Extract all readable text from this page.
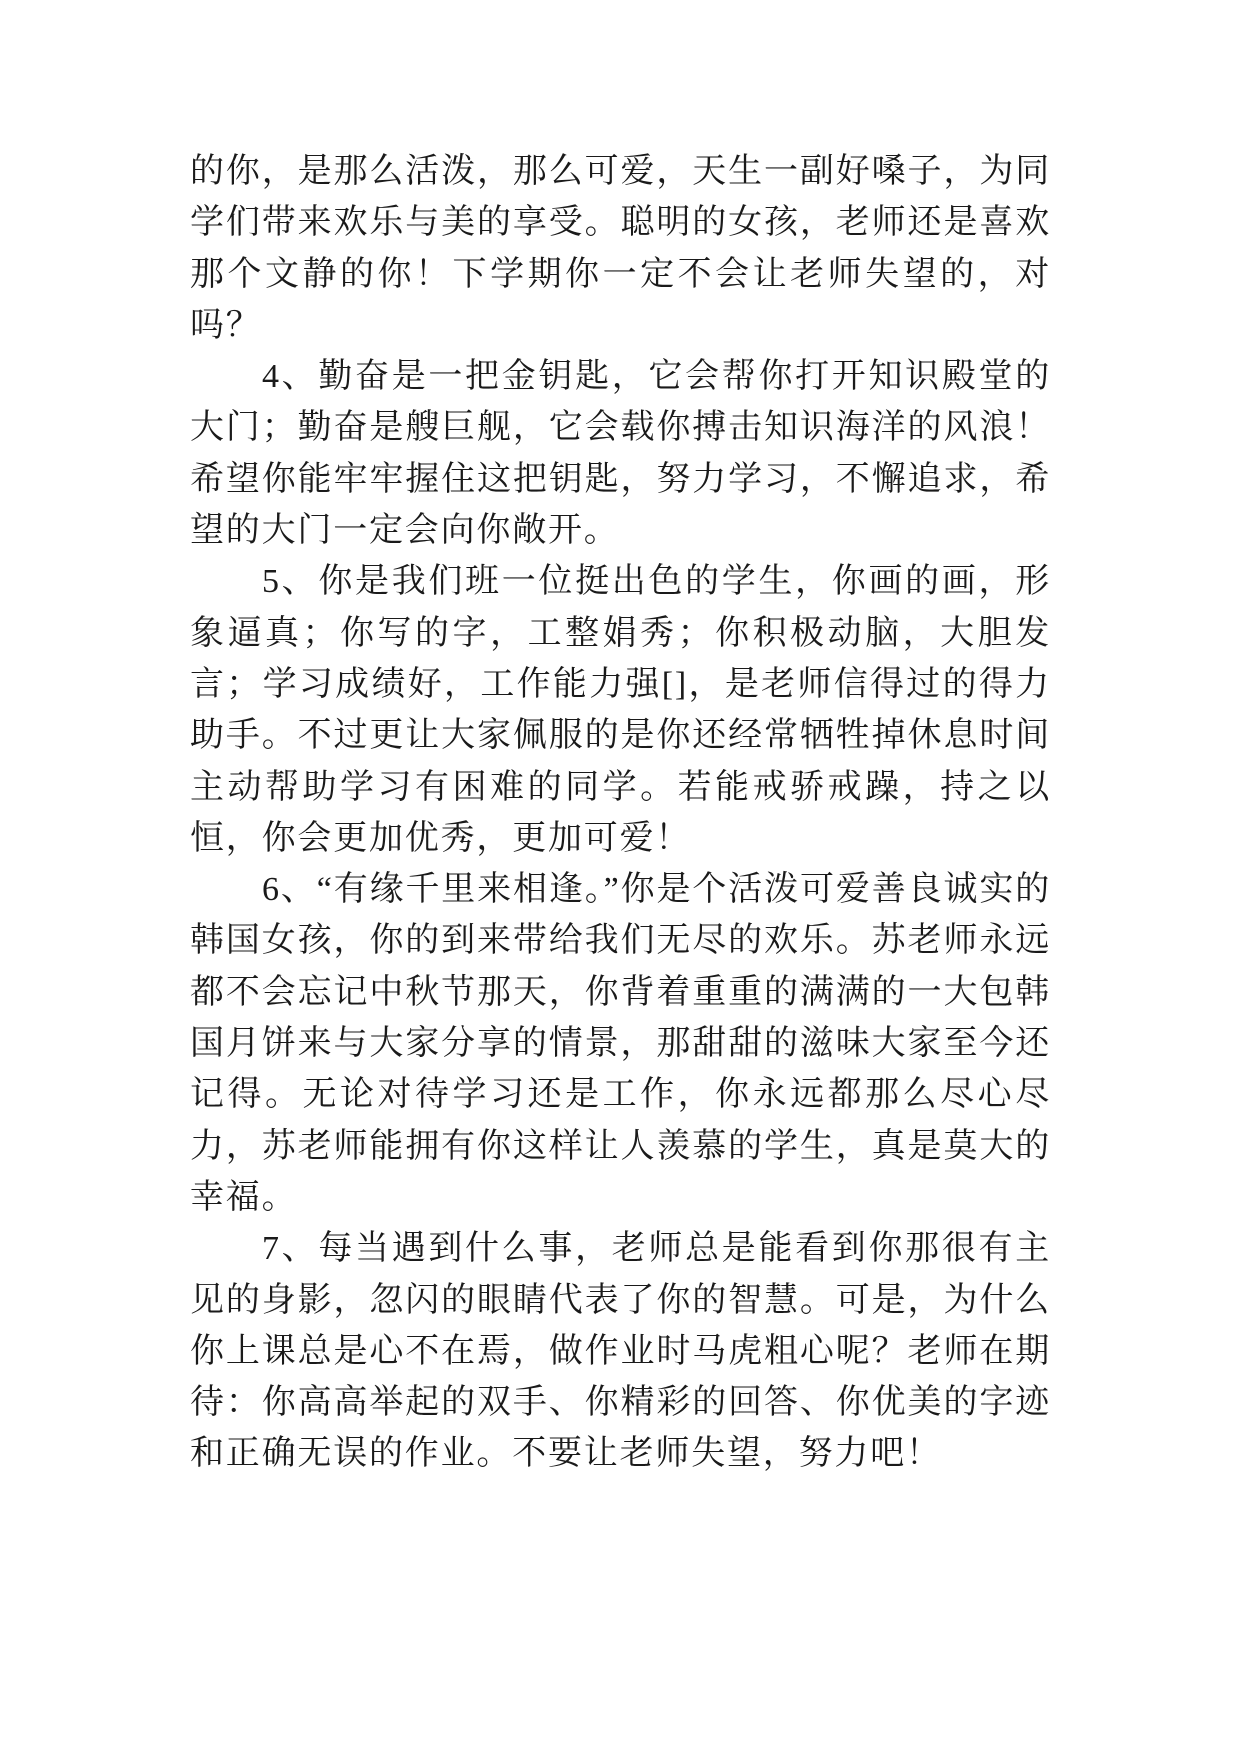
的你，是那么活泼，那么可爱，天生一副好嗓子，为同学们带来欢乐与美的享受。聪明的女孩，老师还是喜欢那个文静的你！下学期你一定不会让老师失望的，对吗？

4、勤奋是一把金钥匙，它会帮你打开知识殿堂的大门；勤奋是艘巨舰，它会载你搏击知识海洋的风浪！希望你能牢牢握住这把钥匙，努力学习，不懈追求，希望的大门一定会向你敞开。

5、你是我们班一位挺出色的学生，你画的画，形象逼真；你写的字，工整娟秀；你积极动脑，大胆发言；学习成绩好，工作能力强[]，是老师信得过的得力助手。不过更让大家佩服的是你还经常牺牲掉休息时间主动帮助学习有困难的同学。若能戒骄戒躁，持之以恒，你会更加优秀，更加可爱！

6、“有缘千里来相逢。”你是个活泼可爱善良诚实的韩国女孩，你的到来带给我们无尽的欢乐。苏老师永远都不会忘记中秋节那天，你背着重重的满满的一大包韩国月饼来与大家分享的情景，那甜甜的滋味大家至今还记得。无论对待学习还是工作，你永远都那么尽心尽力，苏老师能拥有你这样让人羡慕的学生，真是莫大的幸福。

7、每当遇到什么事，老师总是能看到你那很有主见的身影，忽闪的眼睛代表了你的智慧。可是，为什么你上课总是心不在焉，做作业时马虎粗心呢？老师在期待：你高高举起的双手、你精彩的回答、你优美的字迹和正确无误的作业。不要让老师失望，努力吧！
